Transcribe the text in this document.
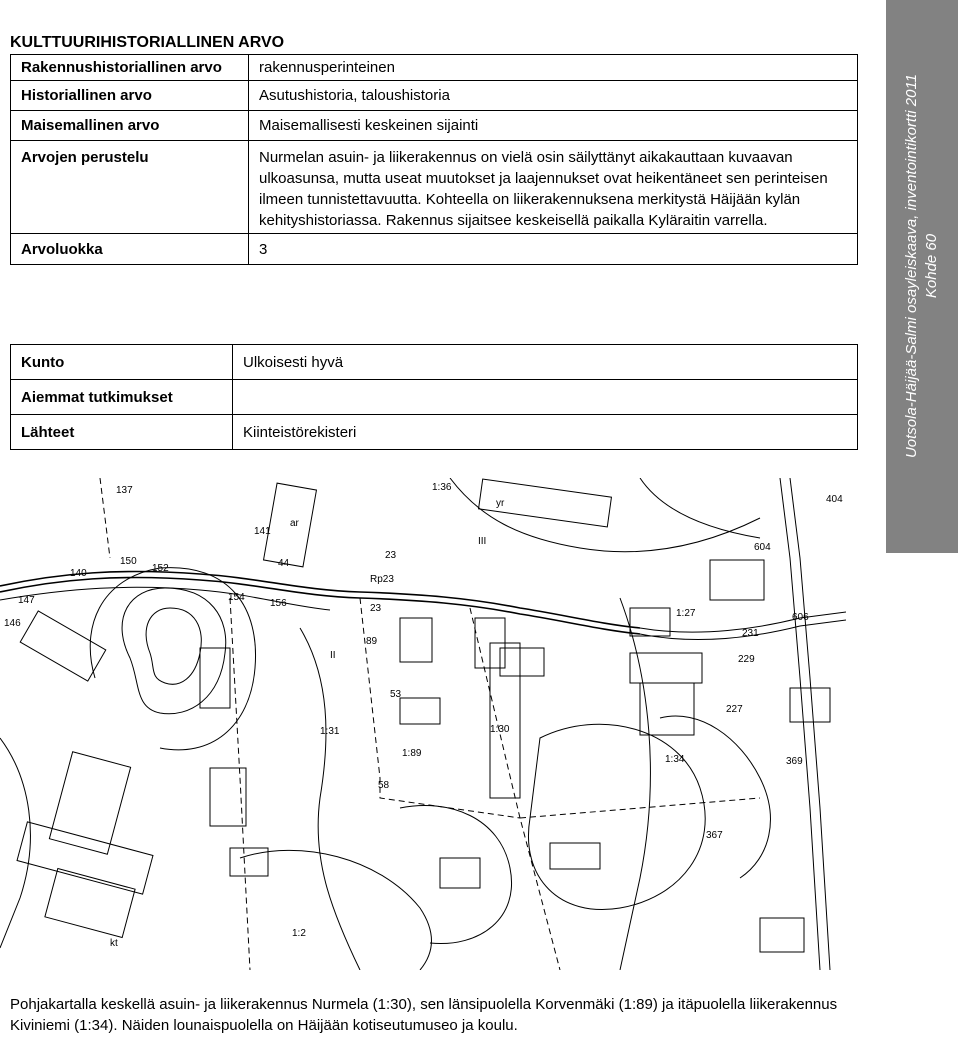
KULTTUURIHISTORIALLINEN ARVO
Rakennushistoriallinen arvo	rakennusperinteinen
Historiallinen arvo	Asutushistoria, taloushistoria
Maisemallinen arvo	Maisemallisesti keskeinen sijainti
Arvojen perustelu	Nurmelan asuin- ja liikerakennus on vielä osin säilyttänyt aikakauttaan kuvaavan ulkoasunsa, mutta useat muutokset ja laajennukset ovat heikentäneet sen perinteisen ilmeen tunnistettavuutta. Kohteella on liikerakennuksena merkitystä Häijään kylän kehityshistoriassa. Rakennus sijaitsee keskeisellä paikalla Kyläraitin varrella.
Arvoluokka	3
Kunto	Ulkoisesti hyvä
Aiemmat tutkimukset	
Lähteet	Kiinteistörekisteri	Uotsola-Häijää-Salmi osayleiskaava, inventointikortti 2011 Kohde 60
137
150
152
154
156
141
44
23
Rp23
23
147
146
140
89
53
58
1:36
1:31
1:89
1:30
1:27
1:34
1:2
604
606
231
229
227
369
367
404
yr
ar
kt
II
III
Pohjakartalla keskellä asuin- ja liikerakennus Nurmela (1:30), sen länsipuolella Korvenmäki (1:89) ja itäpuolella liikerakennus Kiviniemi (1:34). Näiden lounaispuolella on Häijään kotiseutumuseo ja koulu.
